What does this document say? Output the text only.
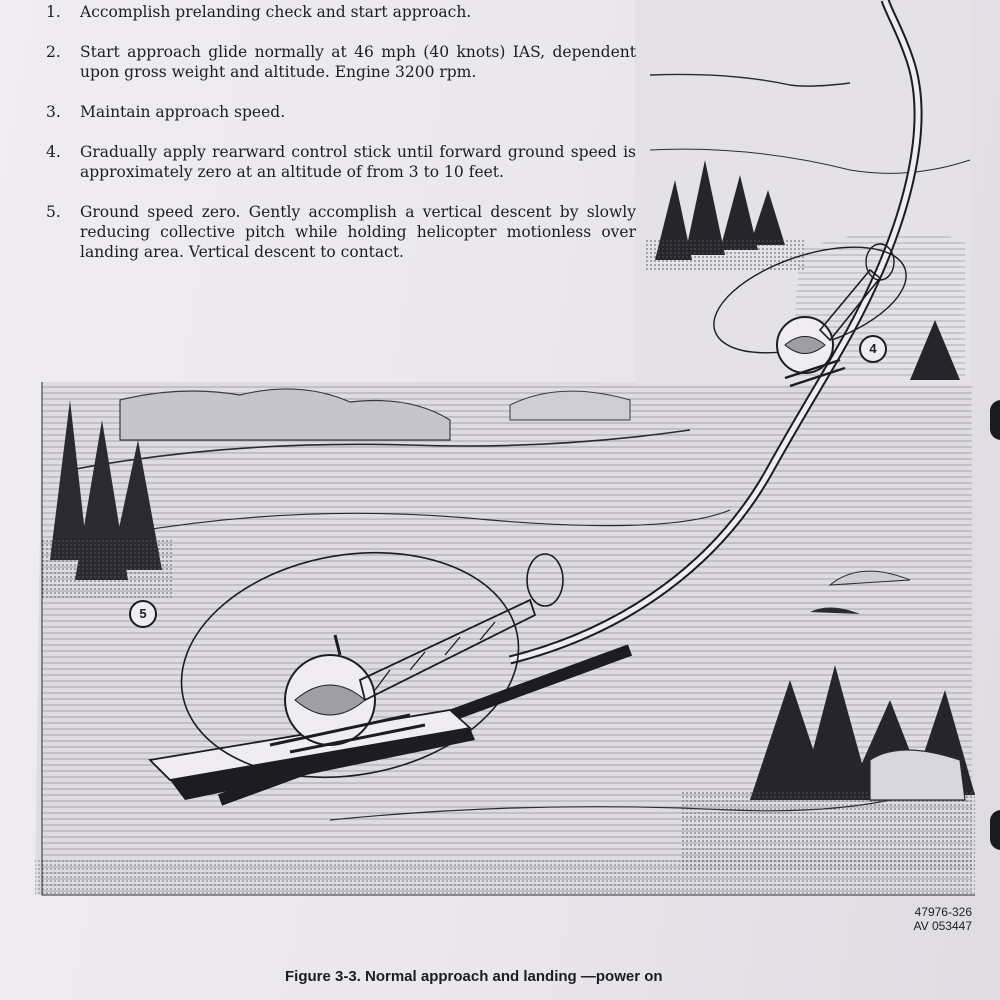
1.	Accomplish prelanding check and start approach.
2.	Start approach glide normally at 46 mph (40 knots) IAS, dependent upon gross weight and altitude. Engine 3200 rpm.
3.	Maintain approach speed.
4.	Gradually apply rearward control stick until forward ground speed is approximately zero at an altitude of from 3 to 10 feet.
5.	Ground speed zero. Gently accomplish a vertical descent by slowly reducing collective pitch while holding helicopter motionless over landing area. Vertical descent to contact.
4
5
47976-326
AV 053447
Figure 3-3. Normal approach and landing —power on
